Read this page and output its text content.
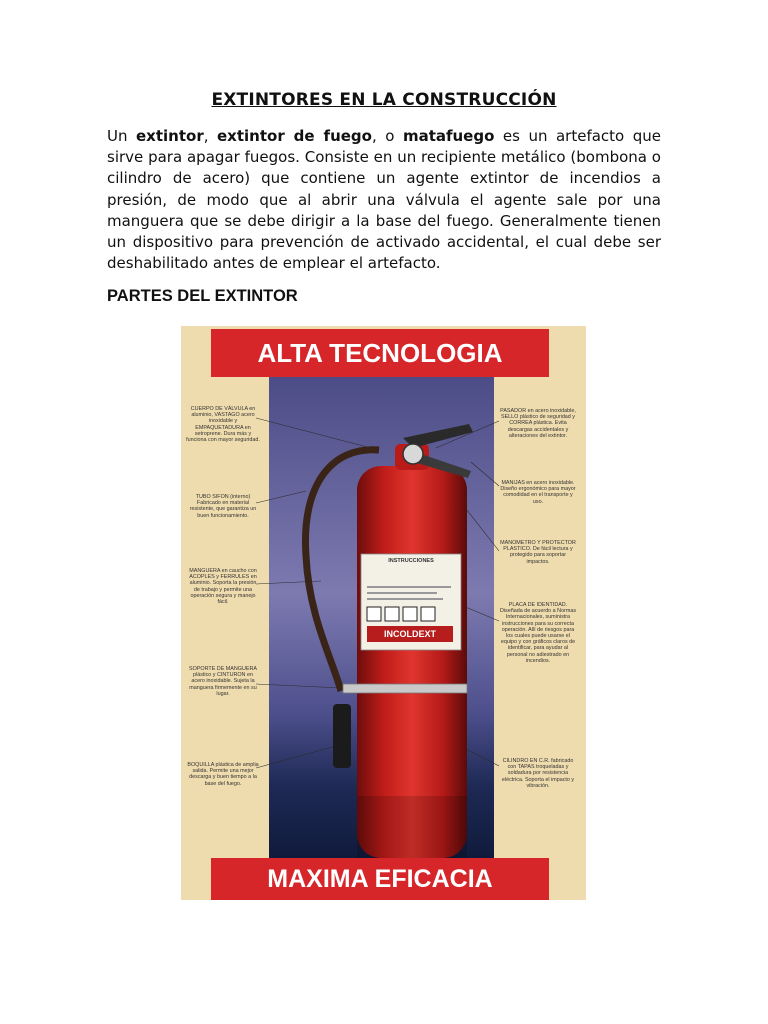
EXTINTORES EN LA CONSTRUCCIÓN
Un extintor, extintor de fuego, o matafuego es un artefacto que sirve para apagar fuegos. Consiste en un recipiente metálico (bombona o cilindro de acero) que contiene un agente extintor de incendios a presión, de modo que al abrir una válvula el agente sale por una manguera que se debe dirigir a la base del fuego. Generalmente tienen un dispositivo para prevención de activado accidental, el cual debe ser deshabilitado antes de emplear el artefacto.
PARTES DEL EXTINTOR
INSTRUCCIONES
INCOLDEXT
ALTA TECNOLOGIA
MAXIMA EFICACIA
CUERPO DE VÁLVULA en aluminio, VASTAGO acero inoxidable y EMPAQUETADURA en setroprene. Dura más y funciona con mayor seguridad.
TUBO SIFON (interno) Fabricado en material resistente, que garantiza un buen funcionamiento.
MANGUERA en caucho con ACOPLES y FERRULES en aluminio. Soporta la presión de trabajo y permite una operación segura y manejo fácil.
SOPORTE DE MANGUERA plástico y CINTURON en acero inoxidable. Sujeta la manguera firmemente en su lugar.
BOQUILLA plástica de amplia salida. Permite una mejor descarga y buen tiempo a la base del fuego.
PASADOR en acero inoxidable, SELLO plástico de seguridad y CORREA plástica. Evita descargas accidentales y alteraciones del extintor.
MANIJAS en acero inoxidable. Diseño ergonómico para mayor comodidad en el transporte y uso.
MANOMETRO Y PROTECTOR PLASTICO. De fácil lectura y protegido para soportar impactos.
PLACA DE IDENTIDAD. Diseñada de acuerdo a Normas Internacionales, suministra instrucciones para su correcta operación. Allí de riesgos para los cuales puede usarse el equipo y con gráficos claros de identificar, para ayudar al personal no adiestrado en incendios.
CILINDRO EN C.R. fabricado con TAPAS troqueladas y soldadura por resistencia eléctrica. Soporta el impacto y vibración.
